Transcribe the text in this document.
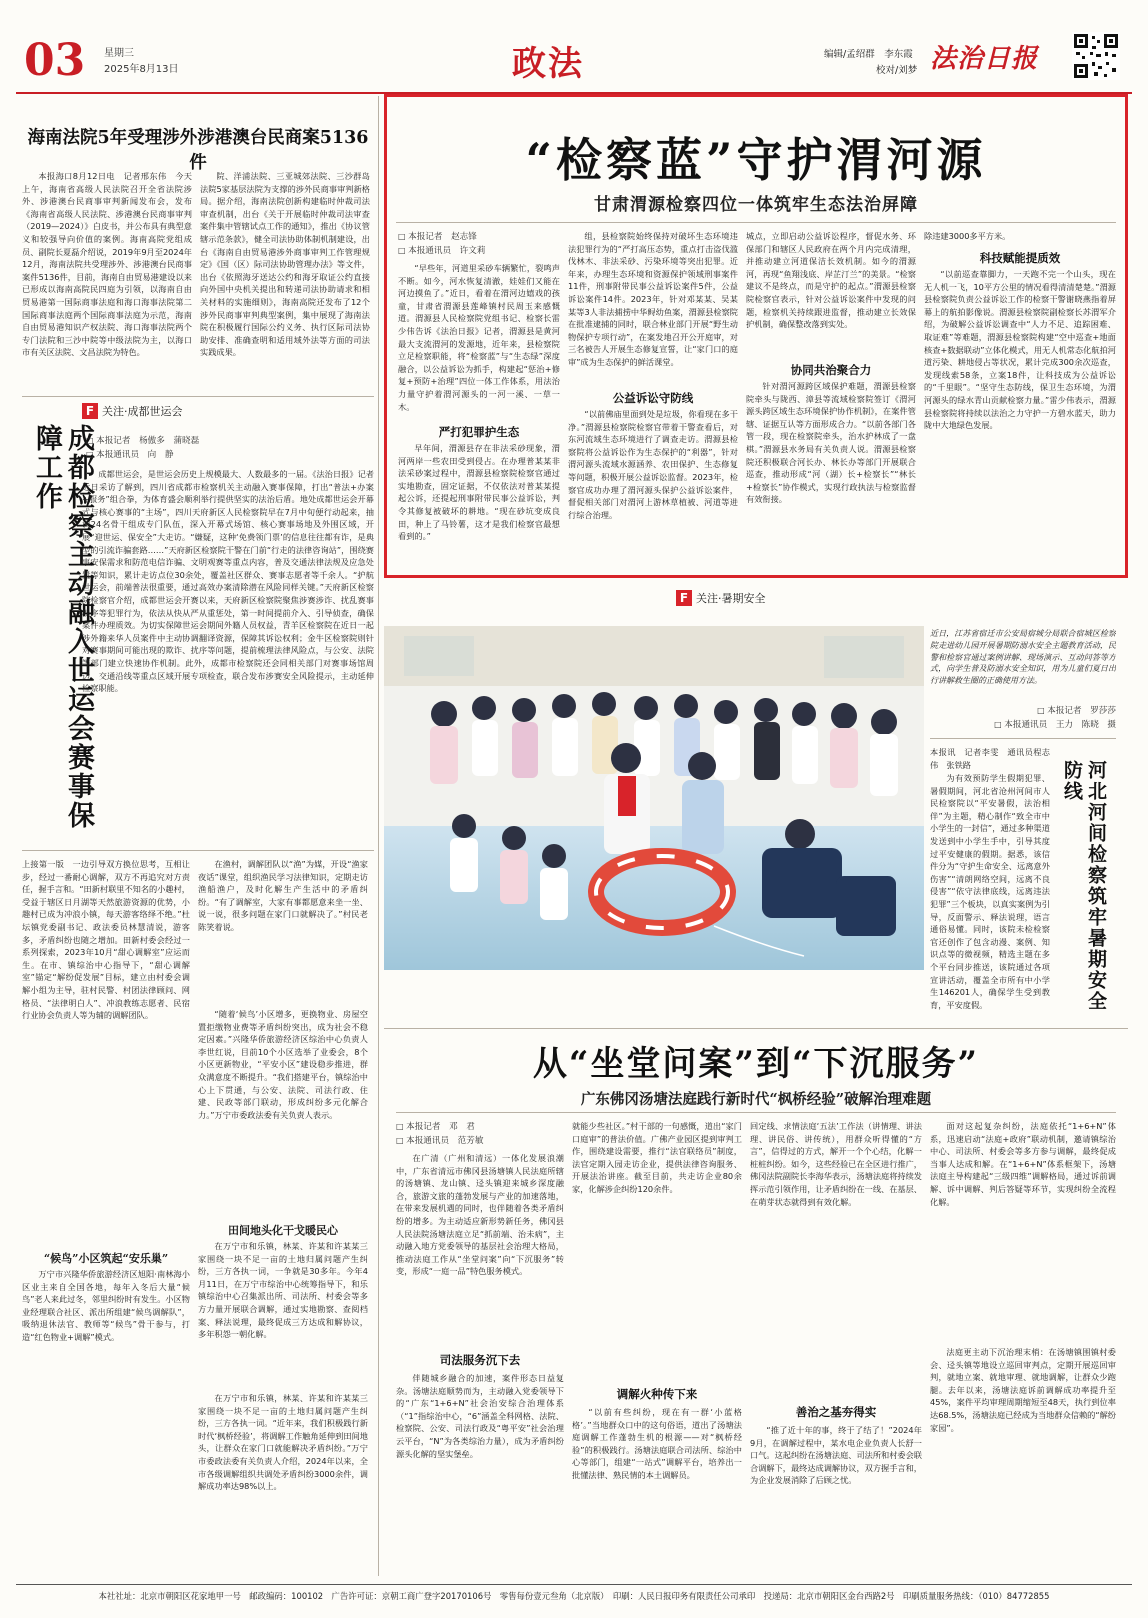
03 星期三
2025年8月13日	政法	编辑/孟绍群　李东霞
校对/刘梦 法治日报
海南法院5年受理涉外涉港澳台民商案5136件
本报海口8月12日电　记者邢东伟　今天上午，海南省高级人民法院召开全省法院涉外、涉港澳台民商事审判新闻发布会，发布《海南省高级人民法院、涉港澳台民商事审判（2019—2024）》白皮书，并公布具有典型意义和较强导向价值的案例。海南高院党组成员、副院长夏磊介绍说，2019年9月至2024年12月，海南法院共受理涉外、涉港澳台民商事案件5136件，目前，海南自由贸易港建设以来已形成以海南高院民四庭为引领，以海南自由贸易港第一国际商事法庭和海口海事法院第二国际商事法庭两个国际商事法庭为示范，海南自由贸易港知识产权法院、海口海事法院两个专门法院和三沙中院等中级法院为主，以海口市有关区法院、文昌法院为特色。
院、洋浦法院、三亚城郊法院、三沙群岛法院5家基层法院为支撑的涉外民商事审判新格局。据介绍，海南法院创新构建临时仲裁司法审查机制，出台《关于开展临时仲裁司法审查案件集中管辖试点工作的通知》，推出《协议管辖示范条款》，健全司法协助体制机制建设，出台《海南自由贸易港涉外商事审判工作管理规定》《国（区）际司法协助管理办法》等文件，出台《依照海牙送达公约和海牙取证公约直接向外国中央机关提出和转递司法协助请求和相关材料的实施细则》，海南高院还发布了12个涉外民商事审判典型案例，集中展现了海南法院在积极履行国际公约义务、执行区际司法协助安排、准确查明和适用域外法等方面的司法实践成果。
F 关注·成都世运会
成都检察主动融入世运会赛事保障工作
□	本报记者　杨傲多　蒲晓磊
□ 本报通讯员　向　静
成都世运会，是世运会历史上规模最大、人数最多的一届。《法治日报》记者近日采访了解到，四川省成都市检察机关主动融入赛事保障，打出“普法+办案+服务”组合拳，为体育盛会顺利举行提供坚实的法治后盾。地处成都世运会开幕式与核心赛事的“主场”，四川天府新区人民检察院早在7月中旬便行动起来，抽调24名骨干组成专门队伍，深入开幕式场馆、核心赛事场地及外围区域，开展“迎世运、保安全”大走访。“嫌疑，这种‘免费领门票’的信息往往都有诈，是典型的引流诈骗套路……”天府新区检察院干警在门前“行走的法律咨询站”，围绕赛事安保需求和防范电信诈骗、文明观赛等重点内容，普及交通法律法规及应急处置等知识，累计走访点位30余处，覆盖社区群众、赛事志愿者等千余人。“护航世运会，前端普法很重要，通过高效办案清除潜在风险同样关键。”天府新区检察院检察官介绍，成都世运会开赛以来，天府新区检察院聚焦涉赛涉诈、扰乱赛事秩序等犯罪行为，依法从快从严从重惩处，第一时间提前介入、引导侦查，确保案件办理质效。为切实保障世运会期间外籍人员权益，青羊区检察院在近日一起涉外籍来华人员案件中主动协调翻译资源，保障其诉讼权利；金牛区检察院则针对赛事期间可能出现的欺诈、扰序等问题，提前梳理法律风险点，与公安、法院等部门建立快速协作机制。此外，成都市检察院还会同相关部门对赛事场馆周边、交通沿线等重点区域开展专项检查，联合发布涉赛安全风险提示，主动延伸检察职能。
上接第一版　一边引导双方换位思考，互相让步，经过一番耐心调解，双方不再追究对方责任，握手言和。“田新村联里不知名的小趣村，受益于辖区日月湖等天然旅游资源的优势，小趣村已成为冲浪小镇，每天游客络绎不绝。”杜坛镇党委副书记、政法委员林慧清说，游客多，矛盾纠纷也随之增加。田新村委会经过一系列探索，2023年10月“甜心调解室”应运而生。在市、镇综治中心指导下，“甜心调解室”锚定“解纷促发展”目标，建立由村委会调解小组为主导，驻村民警、村团法律顾问、网格员、“法律明白人”、冲浪教练志愿者、民宿行业协会负责人等为辅的调解团队。
“候鸟”小区筑起“安乐巢”
万宁市兴隆华侨旅游经济区旭阳·南林海小区业主来自全国各地，每年入冬后大量“候鸟”老人来此过冬，邻里纠纷时有发生。小区物业经理联合社区、派出所组建“候鸟调解队”，吸纳退休法官、教师等“候鸟”骨干参与，打造“红色物业+调解”模式。
在渔村，调解团队以“渔”为媒，开设“渔家夜话”课堂，组织渔民学习法律知识，定期走访渔船渔户，及时化解生产生活中的矛盾纠纷。“有了调解室，大家有事都愿意来坐一坐、说一说，很多问题在家门口就解决了。”村民老陈笑着说。
“随着‘候鸟’小区增多，更换物业、房屋空置拒缴物业费等矛盾纠纷突出，成为社会不稳定因素。”兴隆华侨旅游经济区综治中心负责人李世红说，目前10个小区选举了业委会，8个小区更新物业，“平安小区”建设稳步推进，群众满意度不断提升。“我们搭建平台，镇综治中心上下贯通，与公安、法院、司法行政、住建、民政等部门联动，形成纠纷多元化解合力。”万宁市委政法委有关负责人表示。
田间地头化干戈暖民心
在万宁市和乐镇，林某、许某和许某某三家围绕一块不足一亩的土地归属问题产生纠纷，三方各执一词，一争就是30多年。今年4月11日，在万宁市综治中心统筹指导下，和乐镇综治中心召集派出所、司法所、村委会等多方力量开展联合调解，通过实地勘察、查阅档案、释法说理，最终促成三方达成和解协议，多年积怨一朝化解。
在万宁市和乐镇，林某、许某和许某某三家围绕一块不足一亩的土地归属问题产生纠纷，三方各执一词。“近年来，我们积极践行新时代‘枫桥经验’，将调解工作触角延伸到田间地头，让群众在家门口就能解决矛盾纠纷。”万宁市委政法委有关负责人介绍，2024年以来，全市各级调解组织共调处矛盾纠纷3000余件，调解成功率达98%以上。
“检察蓝”守护渭河源
甘肃渭源检察四位一体筑牢生态法治屏障
□ 本报记者　赵志锋
□ 本报通讯员　许文莉
“早些年，河道里采砂车辆繁忙，裂鸣声不断。如今，河水恢复清澈，娃娃们又能在河边摸鱼了。”近日，看着在渭河边嬉戏的孩童，甘肃省渭源县莲峰镇村民周玉来感慨道。渭源县人民检察院党组书记、检察长雷少伟告诉《法治日报》记者，渭源县是黄河最大支流渭河的发源地，近年来，县检察院立足检察职能，将“检察蓝”与“生态绿”深度融合，以公益诉讼为抓手，构建起“惩治+修复+预防+治理”四位一体工作体系，用法治力量守护着渭河源头的一河一溪、一草一木。
严打犯罪护生态
早年间，渭源县存在非法采砂现象，渭河两岸一些农田受到侵占。在办理普某某非法采砂案过程中，渭源县检察院检察官通过实地勘查，固定证据，不仅依法对普某某提起公诉，还提起刑事附带民事公益诉讼，判令其修复被破坏的耕地。“现在砂坑变成良田，种上了马铃薯，这才是我们检察官最想看到的。”
组，县检察院始终保持对破坏生态环境违法犯罪行为的“严打高压态势，重点打击盗伐滥伐林木、非法采砂、污染环境等突出犯罪。近年来，办理生态环境和资源保护领域刑事案件11件，刑事附带民事公益诉讼案件5件，公益诉讼案件14件。2023年，针对邓某某、吴某某等3人非法捕捞中华鲟幼鱼案，渭源县检察院在批准逮捕的同时，联合林业部门开展“野生动物保护专项行动”，在案发地召开公开庭审，对三名被告人开展生态修复宣誓，让“家门口的庭审”成为生态保护的鲜活课堂。
公益诉讼守防线
“以前佛庙里面到处是垃圾，你看现在多干净。”渭源县检察院检察官带着干警查看后，对东河流域生态环境进行了调查走访。渭源县检察院将公益诉讼作为生态保护的“利器”，针对渭河源头流域水源涵养、农田保护、生态修复等问题，积极开展公益诉讼监督。2023年，检察官成功办理了渭河源头保护公益诉讼案件，督促相关部门对渭河上游林草植被、河道等进行综合治理。
城点，立即启动公益诉讼程序，督促水务、环保部门和辖区人民政府在两个月内完成清理，并推动建立河道保洁长效机制。如今的渭源河，再现“鱼翔浅底、岸芷汀兰”的美景。“检察建议不是终点，而是守护的起点。”渭源县检察院检察官表示，针对公益诉讼案件中发现的问题，检察机关持续跟进监督，推动建立长效保护机制，确保整改落到实处。
协同共治聚合力
针对渭河源跨区域保护难题，渭源县检察院牵头与陇西、漳县等流域检察院签订《渭河源头跨区域生态环境保护协作机制》，在案件管辖、证据互认等方面形成合力。“以前各部门各管一段，现在检察院牵头，治水护林成了一盘棋。”渭源县水务局有关负责人说。渭源县检察院还积极联合河长办、林长办等部门开展联合巡查，推动形成“河（湖）长+检察长”“林长+检察长”协作模式，实现行政执法与检察监督有效衔接。
除违建3000多平方米。
科技赋能提质效
“以前巡查靠脚力，一天跑不完一个山头，现在无人机一飞，10平方公里的情况看得清清楚楚。”渭源县检察院负责公益诉讼工作的检察干警谢晓燕指着屏幕上的航拍影像说。渭源县检察院副检察长苏渭军介绍，为破解公益诉讼调查中“人力不足、追踪困难、取证难”等难题，渭源县检察院构建“空中巡查+地面核查+数据联动”立体化模式，用无人机常态化航拍河道污染、耕地侵占等状况，累计完成300余次巡查，发现线索58条，立案18件，让科技成为公益诉讼的“千里眼”。“坚守生态防线，保卫生态环境，为渭河源头的绿水青山贡献检察力量。”雷少伟表示，渭源县检察院将持续以法治之力守护一方碧水蓝天，助力陇中大地绿色发展。
F 关注·暑期安全
近日，江苏省宿迁市公安局宿城分局联合宿城区检察院走进幼儿园开展暑期防溺水安全主题教育活动，民警和检察官通过案例讲解、现场演示、互动问答等方式，向学生普及防溺水安全知识，用为儿童们夏日出行讲解救生圈的正确使用方法。
□ 本报记者　罗莎莎
□ 本报通讯员　王力　陈晓　摄
本报讯　记者李雯　通讯员程志伟　张铁路
为有效预防学生假期犯罪、暑假期间，河北省沧州河间市人民检察院以“平安暑假，法治相伴”为主题，精心制作“致全市中小学生的一封信”，通过多种渠道发送到中小学生手中，引导其度过平安健康的假期。据悉，该信件分为“守护生命安全、远离意外伤害”“清朗网络空间，远离不良侵害”“依守法律底线，远离违法犯罪”三个板块，以真实案例为引导，反面警示、释法说理，语言通俗易懂。同时，该院未检检察官还创作了包含动漫、案例、知识点等的微视频，精选主题在多个平台同步推送，该院通过各项宣讲活动，覆盖全市所有中小学生146201人，确保学生受到教育，平安度假。	河北河间检察筑牢暑期安全防线
从“坐堂问案”到“下沉服务”
广东佛冈汤塘法庭践行新时代“枫桥经验”破解治理难题
□ 本报记者　邓　君
□ 本报通讯员　范芳敏
在广清（广州和清远）一体化发展浪潮中，广东省清远市佛冈县汤塘镇人民法庭所辖的汤塘镇、龙山镇、迳头镇迎来城乡深度融合，旅游文旅的蓬勃发展与产业的加速落地，在带来发展机遇的同时，也伴随着各类矛盾纠纷的增多。为主动适应新形势新任务，佛冈县人民法院汤塘法庭立足“抓前端、治未病”，主动融入地方党委领导的基层社会治理大格局，推动法庭工作从“坐堂问案”向“下沉服务”转变，形成“一庭一品”特色服务模式。
司法服务沉下去
伴随城乡融合的加速，案件形态日益复杂。汤塘法庭顺势而为，主动融入党委领导下的“广东“1+6+N”社会治安综合治理体系（“1”指综治中心，“6”涵盖全科网格、法院、检察院、公安、司法行政及“粤平安”社会治理云平台，“N”为各类综治力量），成为矛盾纠纷源头化解的坚实堡垒。
就能少些社区。”村干部的一句感慨，道出“家门口庭审”的普法价值。广佛产业园区提到审判工作，围绕建设需要，推行“法官联络员”制度，法官定期入园走访企业，提供法律咨询服务、开展法治讲座。截至目前，共走访企业80余家，化解涉企纠纷120余件。
调解火种传下来
“以前有些纠纷，现在有一群‘小蓝格格’。”当地群众口中的这句俗语，道出了汤塘法庭调解工作蓬勃生机的根源——对“枫桥经验”的积极践行。汤塘法庭联合司法所、综治中心等部门，组建“一站式”调解平台，培养出一批懂法律、熟民情的本土调解员。
回定线、求情法庭‘五法’工作法（讲情理、讲法理、讲民俗、讲传统），用群众听得懂的“方言”，信得过的方式，解开一个个心结，化解一桩桩纠纷。如今，这些经验已在全区进行推广，佛冈法院副院长李海华表示，汤塘法庭将持续发挥示范引领作用，让矛盾纠纷在一线、在基层、在萌芽状态就得到有效化解。
善治之基夯得实
“推了近十年的事，终于了结了！”2024年9月，在调解过程中，某水电企业负责人长舒一口气。这起纠纷在汤塘法庭、司法所和村委会联合调解下，最终达成调解协议，双方握手言和，为企业发展消除了后顾之忧。
面对这起复杂纠纷，法庭依托“1+6+N”体系，迅速启动“法庭+政府”联动机制，邀请镇综治中心、司法所、村委会等多方参与调解，最终促成当事人达成和解。在“1+6+N”体系框架下，汤塘法庭主导构建起“三级四维”调解格局，通过诉前调解、诉中调解、判后答疑等环节，实现纠纷全流程化解。
法庭更主动下沉治理末梢：在汤塘镇围镇村委会、迳头镇等地设立巡回审判点，定期开展巡回审判，就地立案、就地审理、就地调解，让群众少跑腿。去年以来，汤塘法庭诉前调解成功率提升至45%，案件平均审理周期缩短至48天，执行到位率达68.5%，汤塘法庭已经成为当地群众信赖的“解纷家园”。
本社社址：北京市朝阳区花家地甲一号　邮政编码：100102　广告许可证：京朝工商广登字20170106号　零售每份壹元叁角（北京版）　印刷：人民日报印务有限责任公司承印　投递局：北京市朝阳区金台西路2号　印刷质量服务热线：（010）84772855
